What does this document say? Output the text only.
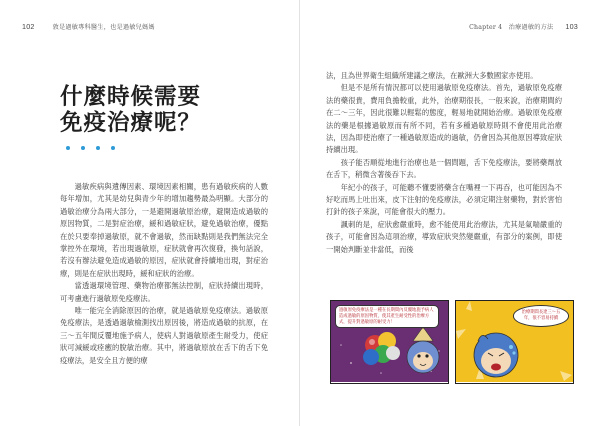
102	敦是過敏專科醫生，也是過敏兒媽媽
什麼時候需要
免疫治療呢？

過敏疾病與遺傳因素、環境因素相關，患有過敏疾病的人數每年增加，尤其是幼兒與青少年的增加趨勢最為明顯。大部分的過敏治療分為兩大部分，一是避開過敏原治療，避開造成過敏的原因物質，二是對症治療，緩和過敏症狀，避免過敏治療，優點在於只要奉掉過敏原，就不會過敏，然而缺點則是我們無法完全掌控外在環境，若出現過敏原，症狀就會再次復發，換句話說，若沒有辦法避免造成過敏的原因，症狀就會持續地出現，對症治療，則是在症狀出現時，緩和症狀的治療。

當透過環境管理、藥物治療都無法控制，症狀持續出現時，可考慮進行過敏原免疫療法。

唯一能完全消除原因的治療，就是過敏原免疫療法。過敏原免疫療法，是透過過敏檢測找出原因後，將造成過敏的抗原，在三～五年間反覆地施予病人，使病人對過敏原產生耐受力，使症狀可減緩或痊癒的脫敏治療。其中，將過敏原放在舌下的舌下免疫療法，是安全且方便的療

Chapter 4　治療過敏的方法 103

法，且為世界衛生組織所建議之療法，在歐洲大多數國家亦使用。

但是不是所有情況都可以使用過敏原免疫療法。首先，過敏原免疫療法的藥很貴，費用負擔較重，此外，治療期很長，一般來說，治療期間約在二～三年，因此很難以輕鬆的態度，輕易地就開始治療。過敏原免疫療法的藥是根據過敏原而有所不同，若有多種過敏原時則不會使用此治療法，因為即使治療了一種過敏原造成的過敏，仍會因為其他原因導致症狀持續出現。

孩子能否順從地進行治療也是一個問題，舌下免疫療法，要將藥劑放在舌下，稍微含著後吞下去。

年紀小的孩子，可能聽不懂要將藥含在嘴裡一下再吞，也可能因為不好吃而馬上吐出來，皮下注射的免疫療法，必須定期注射藥物，對於害怕打針的孩子來說，可能會很大的壓力。

諷刺的是，症狀愈嚴重時，愈不能使用此治療法，尤其是氣喘嚴重的孩子，可能會因為這項治療，導致症狀突然變嚴重，有部分的案例，即使一開始判斷並非當低，而後

過敏原免疫療法是一種在長期間內反覆地施予病人造成過敏的原因物質，使其產生耐受性的治療方式，提升對過敏原的耐受力！
治療期間長達三～五年，很不容易持續
